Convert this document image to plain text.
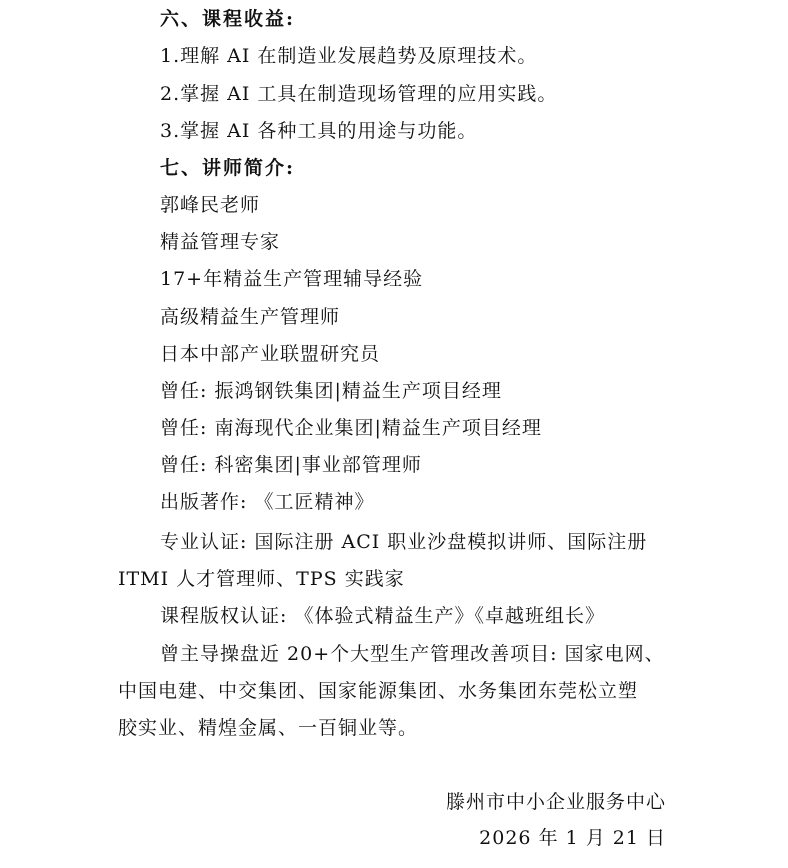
六、课程收益:
1.理解 AI 在制造业发展趋势及原理技术。
2.掌握 AI 工具在制造现场管理的应用实践。
3.掌握 AI 各种工具的用途与功能。
七、讲师简介:
郭峰民老师
精益管理专家
17+年精益生产管理辅导经验
高级精益生产管理师
日本中部产业联盟研究员
曾任: 振鸿钢铁集团|精益生产项目经理
曾任: 南海现代企业集团|精益生产项目经理
曾任: 科密集团|事业部管理师
出版著作: 《工匠精神》
专业认证: 国际注册 ACI 职业沙盘模拟讲师、国际注册
ITMI 人才管理师、TPS 实践家
课程版权认证: 《体验式精益生产》《卓越班组长》
曾主导操盘近 20+个大型生产管理改善项目: 国家电网、
中国电建、中交集团、国家能源集团、水务集团东莞松立塑
胶实业、精煌金属、一百铜业等。
滕州市中小企业服务中心
2026 年 1 月 21 日
